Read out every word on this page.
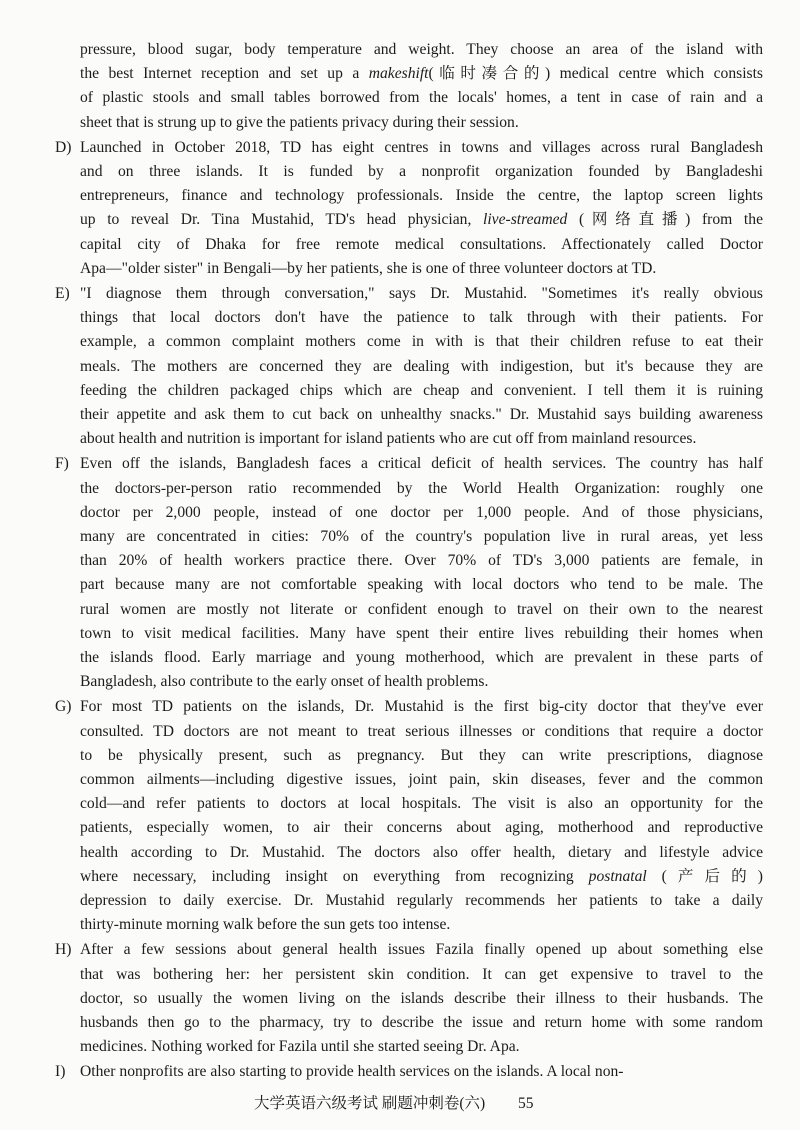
pressure, blood sugar, body temperature and weight. They choose an area of the island with
the best Internet reception and set up a makeshift(临时凑合的) medical centre which consists
of plastic stools and small tables borrowed from the locals' homes, a tent in case of rain and a
sheet that is strung up to give the patients privacy during their session.
D) Launched in October 2018, TD has eight centres in towns and villages across rural Bangladesh
and on three islands. It is funded by a nonprofit organization founded by Bangladeshi
entrepreneurs, finance and technology professionals. Inside the centre, the laptop screen lights
up to reveal Dr. Tina Mustahid, TD's head physician, live-streamed (网络直播) from the
capital city of Dhaka for free remote medical consultations. Affectionately called Doctor
Apa—"older sister" in Bengali—by her patients, she is one of three volunteer doctors at TD.
E) "I diagnose them through conversation," says Dr. Mustahid. "Sometimes it's really obvious
things that local doctors don't have the patience to talk through with their patients. For
example, a common complaint mothers come in with is that their children refuse to eat their
meals. The mothers are concerned they are dealing with indigestion, but it's because they are
feeding the children packaged chips which are cheap and convenient. I tell them it is ruining
their appetite and ask them to cut back on unhealthy snacks." Dr. Mustahid says building awareness
about health and nutrition is important for island patients who are cut off from mainland resources.
F) Even off the islands, Bangladesh faces a critical deficit of health services. The country has half
the doctors-per-person ratio recommended by the World Health Organization: roughly one
doctor per 2,000 people, instead of one doctor per 1,000 people. And of those physicians,
many are concentrated in cities: 70% of the country's population live in rural areas, yet less
than 20% of health workers practice there. Over 70% of TD's 3,000 patients are female, in
part because many are not comfortable speaking with local doctors who tend to be male. The
rural women are mostly not literate or confident enough to travel on their own to the nearest
town to visit medical facilities. Many have spent their entire lives rebuilding their homes when
the islands flood. Early marriage and young motherhood, which are prevalent in these parts of
Bangladesh, also contribute to the early onset of health problems.
G) For most TD patients on the islands, Dr. Mustahid is the first big-city doctor that they've ever
consulted. TD doctors are not meant to treat serious illnesses or conditions that require a doctor
to be physically present, such as pregnancy. But they can write prescriptions, diagnose
common ailments—including digestive issues, joint pain, skin diseases, fever and the common
cold—and refer patients to doctors at local hospitals. The visit is also an opportunity for the
patients, especially women, to air their concerns about aging, motherhood and reproductive
health according to Dr. Mustahid. The doctors also offer health, dietary and lifestyle advice
where necessary, including insight on everything from recognizing postnatal (产后的)
depression to daily exercise. Dr. Mustahid regularly recommends her patients to take a daily
thirty-minute morning walk before the sun gets too intense.
H) After a few sessions about general health issues Fazila finally opened up about something else
that was bothering her: her persistent skin condition. It can get expensive to travel to the
doctor, so usually the women living on the islands describe their illness to their husbands. The
husbands then go to the pharmacy, try to describe the issue and return home with some random
medicines. Nothing worked for Fazila until she started seeing Dr. Apa.
I) Other nonprofits are also starting to provide health services on the islands. A local non-
大学英语六级考试 刷题冲刺卷(六) 55
